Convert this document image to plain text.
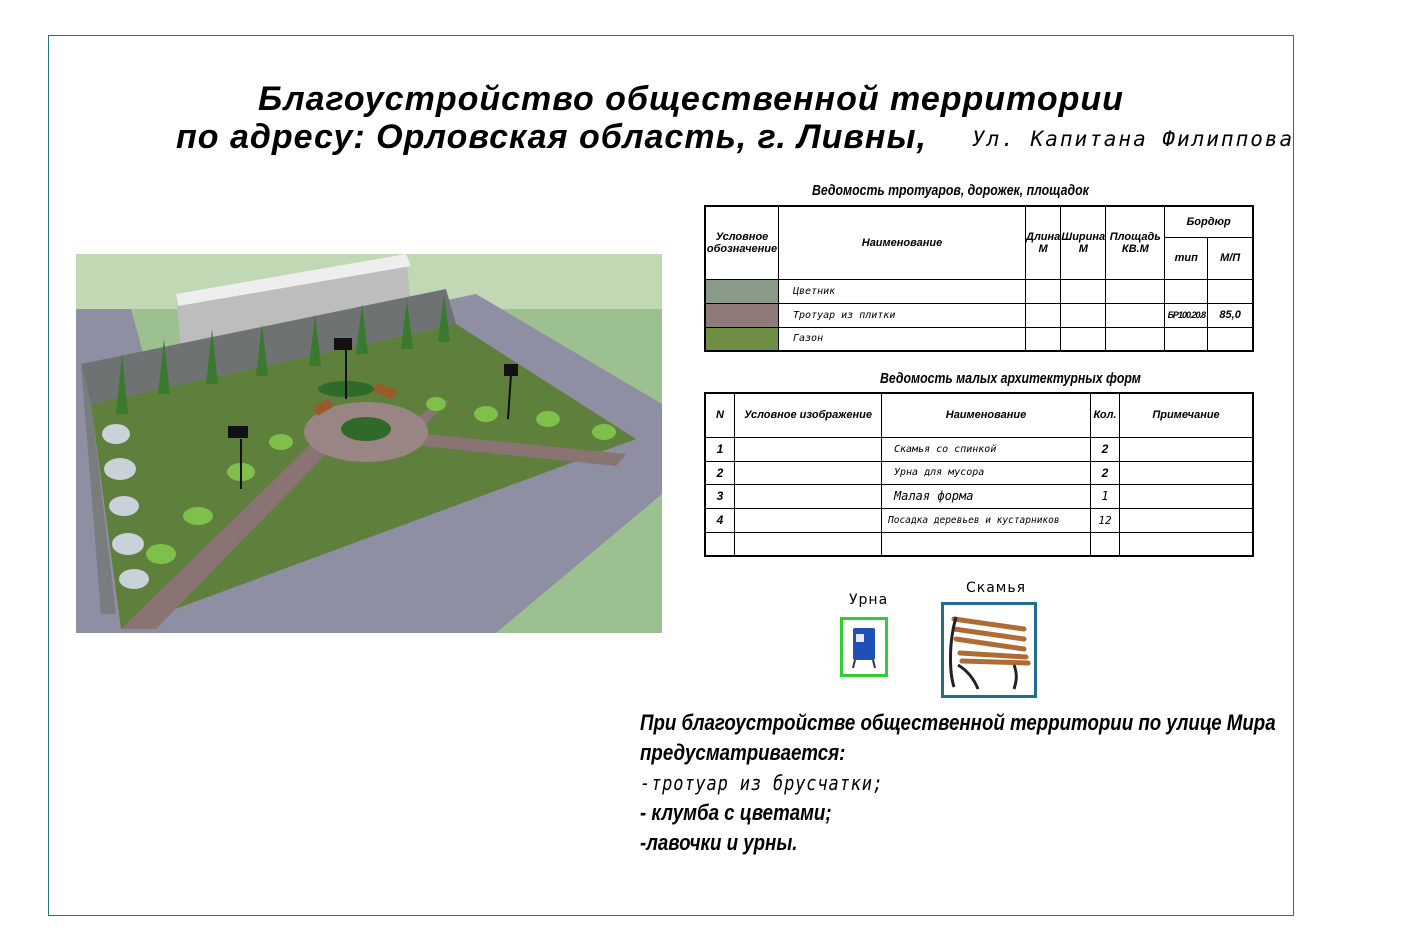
Благоустройство общественной территории
по адресу: Орловская область, г. Ливны, Ул. Капитана Филиппова
Ведомость тротуаров, дорожек, площадок
Условное обозначение	Наименование	Длина М	Ширина М	Площадь КВ.М	Бордюр	
					тип	М/П

	Цветник					

	Тротуар из плитки				БР100.20.8	85,0

	Газон					
Ведомость малых архитектурных форм
N	Условное изображение	Наименование	Кол.	Примечание
1		Скамья со спинкой	2	
2		Урна для мусора	2	
3		Малая форма	1	
4		Посадка деревьев и кустарников	12	

Урна
Скамья
При благоустройстве общественной территории по улице Мира
предусматривается:
-тротуар из брусчатки;
- клумба с цветами;
-лавочки и урны.
